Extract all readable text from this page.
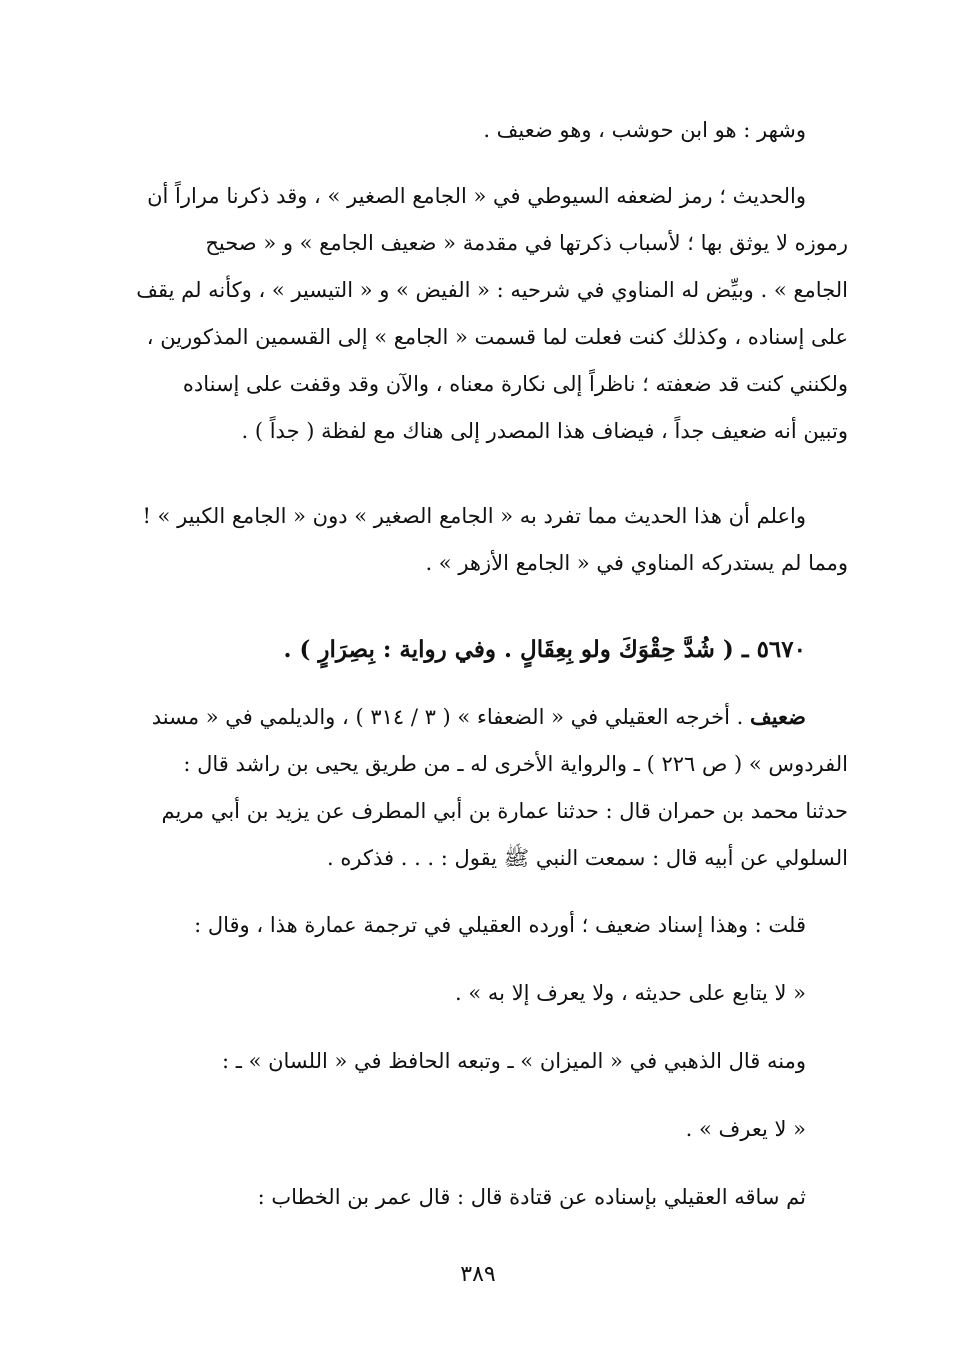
وشهر : هو ابن حوشب ، وهو ضعيف .
والحديث ؛ رمز لضعفه السيوطي في « الجامع الصغير » ، وقد ذكرنا مراراً أن
رموزه لا يوثق بها ؛ لأسباب ذكرتها في مقدمة « ضعيف الجامع » و « صحيح
الجامع » . وبيِّض له المناوي في شرحيه : « الفيض » و « التيسير » ، وكأنه لم يقف
على إسناده ، وكذلك كنت فعلت لما قسمت « الجامع » إلى القسمين المذكورين ،
ولكنني كنت قد ضعفته ؛ ناظراً إلى نكارة معناه ، والآن وقد وقفت على إسناده
وتبين أنه ضعيف جداً ، فيضاف هذا المصدر إلى هناك مع لفظة ( جداً ) .
واعلم أن هذا الحديث مما تفرد به « الجامع الصغير » دون « الجامع الكبير » !
ومما لم يستدركه المناوي في « الجامع الأزهر » .
٥٦٧٠ ـ ( شُدَّ حِقْوَكَ ولو بِعِقَالٍ . وفي رواية : بِصِرَارٍ ) .
ضعيف . أخرجه العقيلي في « الضعفاء » ( ٣ / ٣١٤ ) ، والديلمي في « مسند
الفردوس » ( ص ٢٢٦ ) ـ والرواية الأخرى له ـ من طريق يحيى بن راشد قال :
حدثنا محمد بن حمران قال : حدثنا عمارة بن أبي المطرف عن يزيد بن أبي مريم
السلولي عن أبيه قال : سمعت النبي ﷺ يقول : . . . فذكره .
قلت : وهذا إسناد ضعيف ؛ أورده العقيلي في ترجمة عمارة هذا ، وقال :
« لا يتابع على حديثه ، ولا يعرف إلا به » .
ومنه قال الذهبي في « الميزان » ـ وتبعه الحافظ في « اللسان » ـ :
« لا يعرف » .
ثم ساقه العقيلي بإسناده عن قتادة قال : قال عمر بن الخطاب :
٣٨٩
